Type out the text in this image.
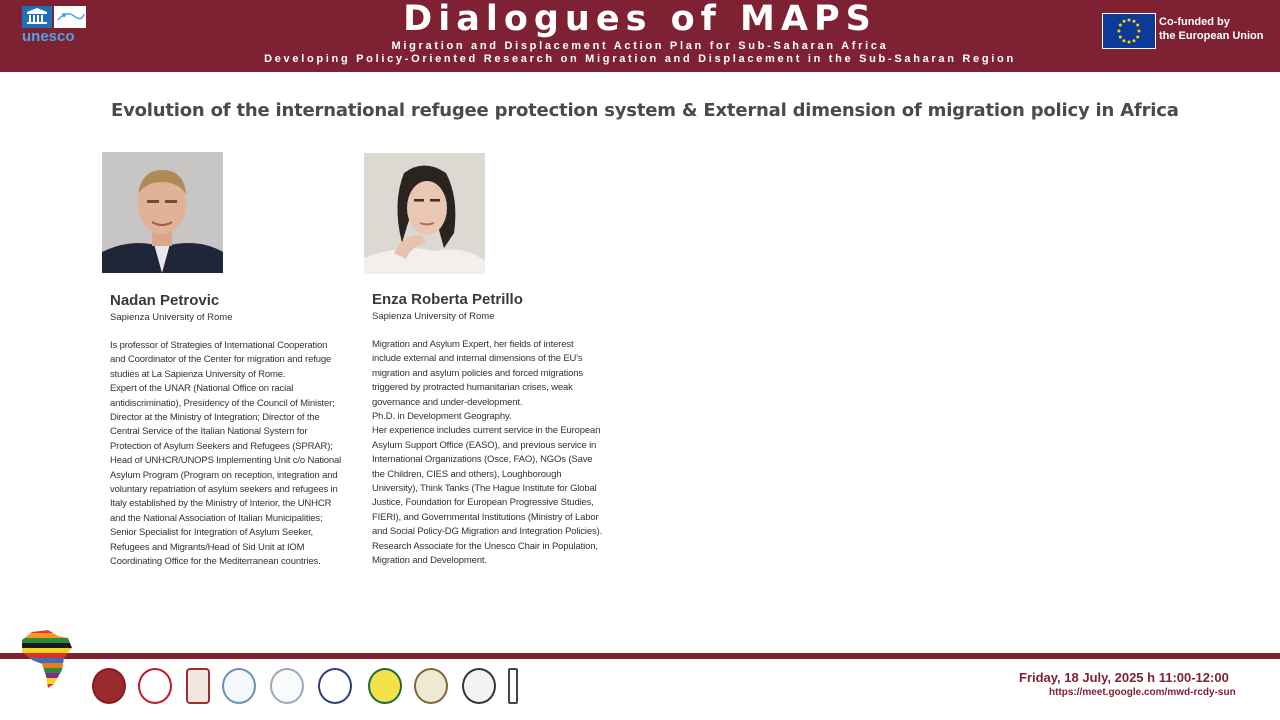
unesco	Dialogues of MAPS
Migration and Displacement Action Plan for Sub-Saharan Africa
Developing Policy-Oriented Research on Migration and Displacement in the Sub-Saharan Region
Co-funded by
the European Union
Evolution of the international refugee protection system & External dimension of migration policy in Africa
Nadan Petrovic
Sapienza University of Rome
Is professor of Strategies of International Cooperation and Coordinator of the Center for migration and refuge studies at La Sapienza University of Rome.
Expert of the UNAR (National Office on racial antidiscriminatio), Presidency of the Council of Minister; Director at the Ministry of Integration; Director of the Central Service of the Italian National System for Protection of Asylum Seekers and Refugees (SPRAR); Head of UNHCR/UNOPS Implementing Unit c/o National Asylum Program (Program on reception, integration and voluntary repatriation of asylum seekers and refugees in Italy established by the Ministry of Interior, the UNHCR and the National Association of Italian Municipalities; Senior Specialist for Integration of Asylum Seeker, Refugees and Migrants/Head of Sid Unit at IOM Coordinating Office for the Mediterranean countries.
Enza Roberta Petrillo
Sapienza University of Rome
Migration and Asylum Expert, her fields of interest include external and internal dimensions of the EU's migration and asylum policies and forced migrations triggered by protracted humanitarian crises, weak governance and under-development.
Ph.D. in Development Geography.
Her experience includes current service in the European Asylum Support Office (EASO), and previous service in International Organizations (Osce, FAO), NGOs (Save the Children, CIES and others), Loughborough University), Think Tanks (The Hague Institute for Global Justice, Foundation for European Progressive Studies, FIERI), and Governmental Institutions (Ministry of Labor and Social Policy-DG Migration and Integration Policies). Research Associate for the Unesco Chair in Population, Migration and Development.
Friday, 18 July, 2025 h 11:00-12:00
https://meet.google.com/mwd-rcdy-sun
